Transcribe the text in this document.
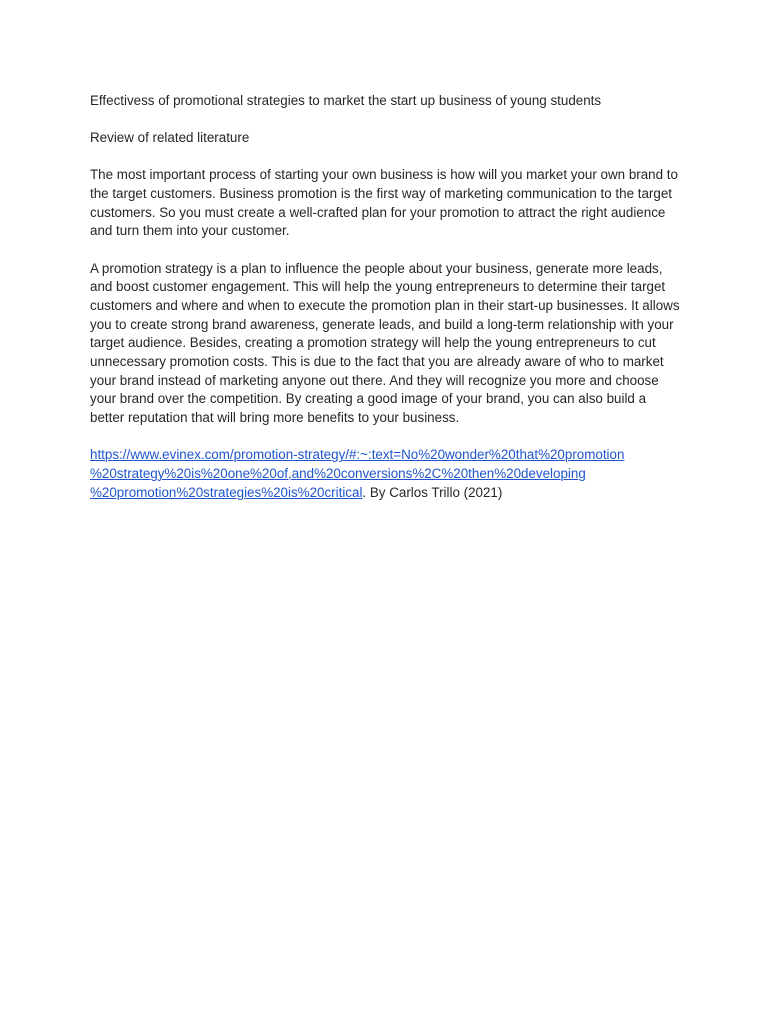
Effectivess of promotional strategies to market the start up business of young students

Review of related literature

The most important process of starting your own business is how will you market your own brand to the target customers. Business promotion is the first way of marketing communication to the target customers. So you must create a well-crafted plan for your promotion to attract the right audience and turn them into your customer.

A promotion strategy is a plan to influence the people about your business, generate more leads, and boost customer engagement. This will help the young entrepreneurs to determine their target customers and where and when to execute the promotion plan in their start-up businesses. It allows you to create strong brand awareness, generate leads, and build a long-term relationship with your target audience. Besides, creating a promotion strategy will help the young entrepreneurs to cut unnecessary promotion costs. This is due to the fact that you are already aware of who to market your brand instead of marketing anyone out there. And they will recognize you more and choose your brand over the competition. By creating a good image of your brand, you can also build a better reputation that will bring more benefits to your business.

https://www.evinex.com/promotion-strategy/#:~:text=No%20wonder%20that%20promotion
%20strategy%20is%20one%20of,and%20conversions%2C%20then%20developing
%20promotion%20strategies%20is%20critical. By Carlos Trillo (2021)
